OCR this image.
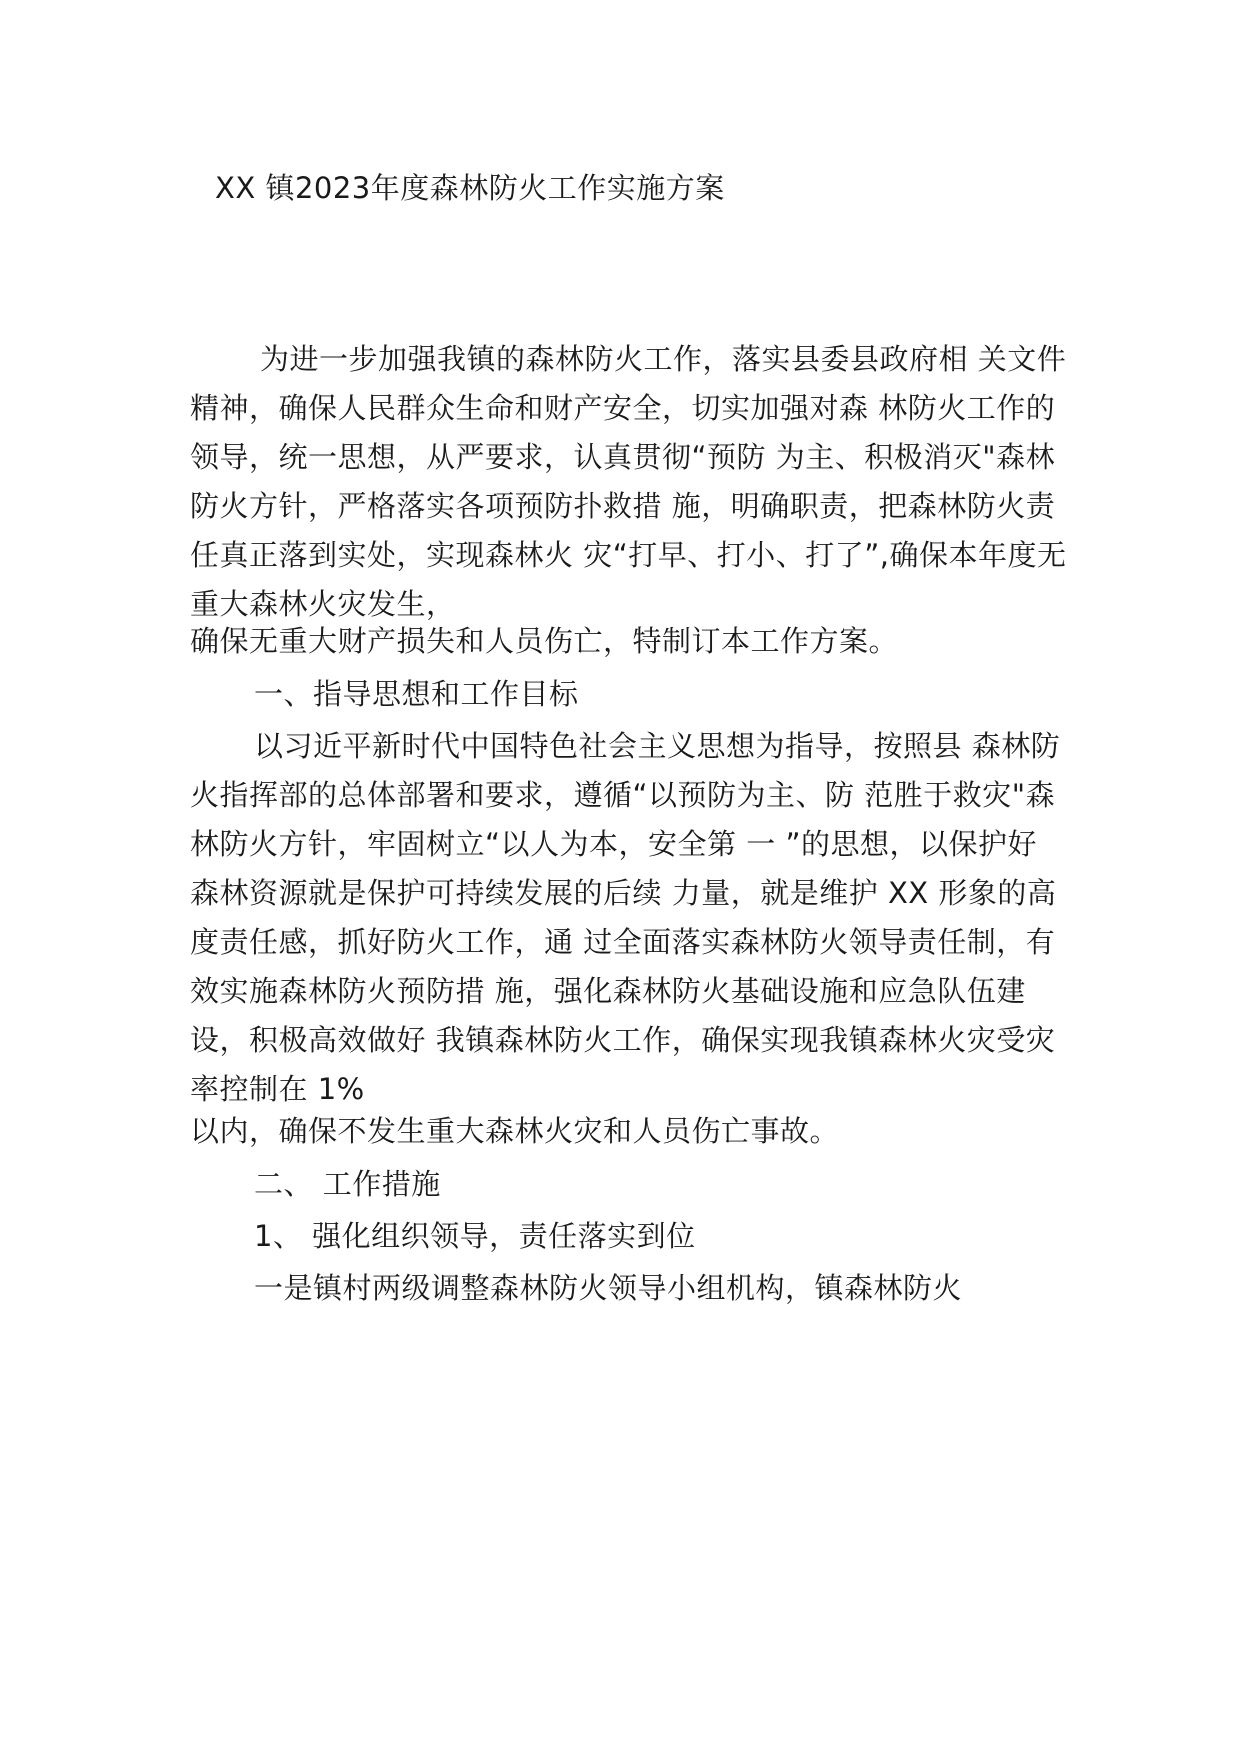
XX 镇2023年度森林防火工作实施方案
为进一步加强我镇的森林防火工作，落实县委县政府相 关文件
精神，确保人民群众生命和财产安全，切实加强对森 林防火工作的
领导，统一思想，从严要求，认真贯彻“预防 为主、积极消灭"森林
防火方针，严格落实各项预防扑救措 施，明确职责，把森林防火责
任真正落到实处，实现森林火 灾“打早、打小、打了”,确保本年度无
重大森林火灾发生，
确保无重大财产损失和人员伤亡，特制订本工作方案。
一、指导思想和工作目标
以习近平新时代中国特色社会主义思想为指导，按照县 森林防
火指挥部的总体部署和要求，遵循“以预防为主、防 范胜于救灾"森
林防火方针，牢固树立“以人为本，安全第 一 ”的思想，以保护好
森林资源就是保护可持续发展的后续 力量，就是维护 XX 形象的高
度责任感，抓好防火工作，通 过全面落实森林防火领导责任制，有
效实施森林防火预防措 施，强化森林防火基础设施和应急队伍建
设，积极高效做好 我镇森林防火工作，确保实现我镇森林火灾受灾
率控制在 1%
以内，确保不发生重大森林火灾和人员伤亡事故。
二、 工作措施
1、 强化组织领导，责任落实到位
一是镇村两级调整森林防火领导小组机构，镇森林防火
